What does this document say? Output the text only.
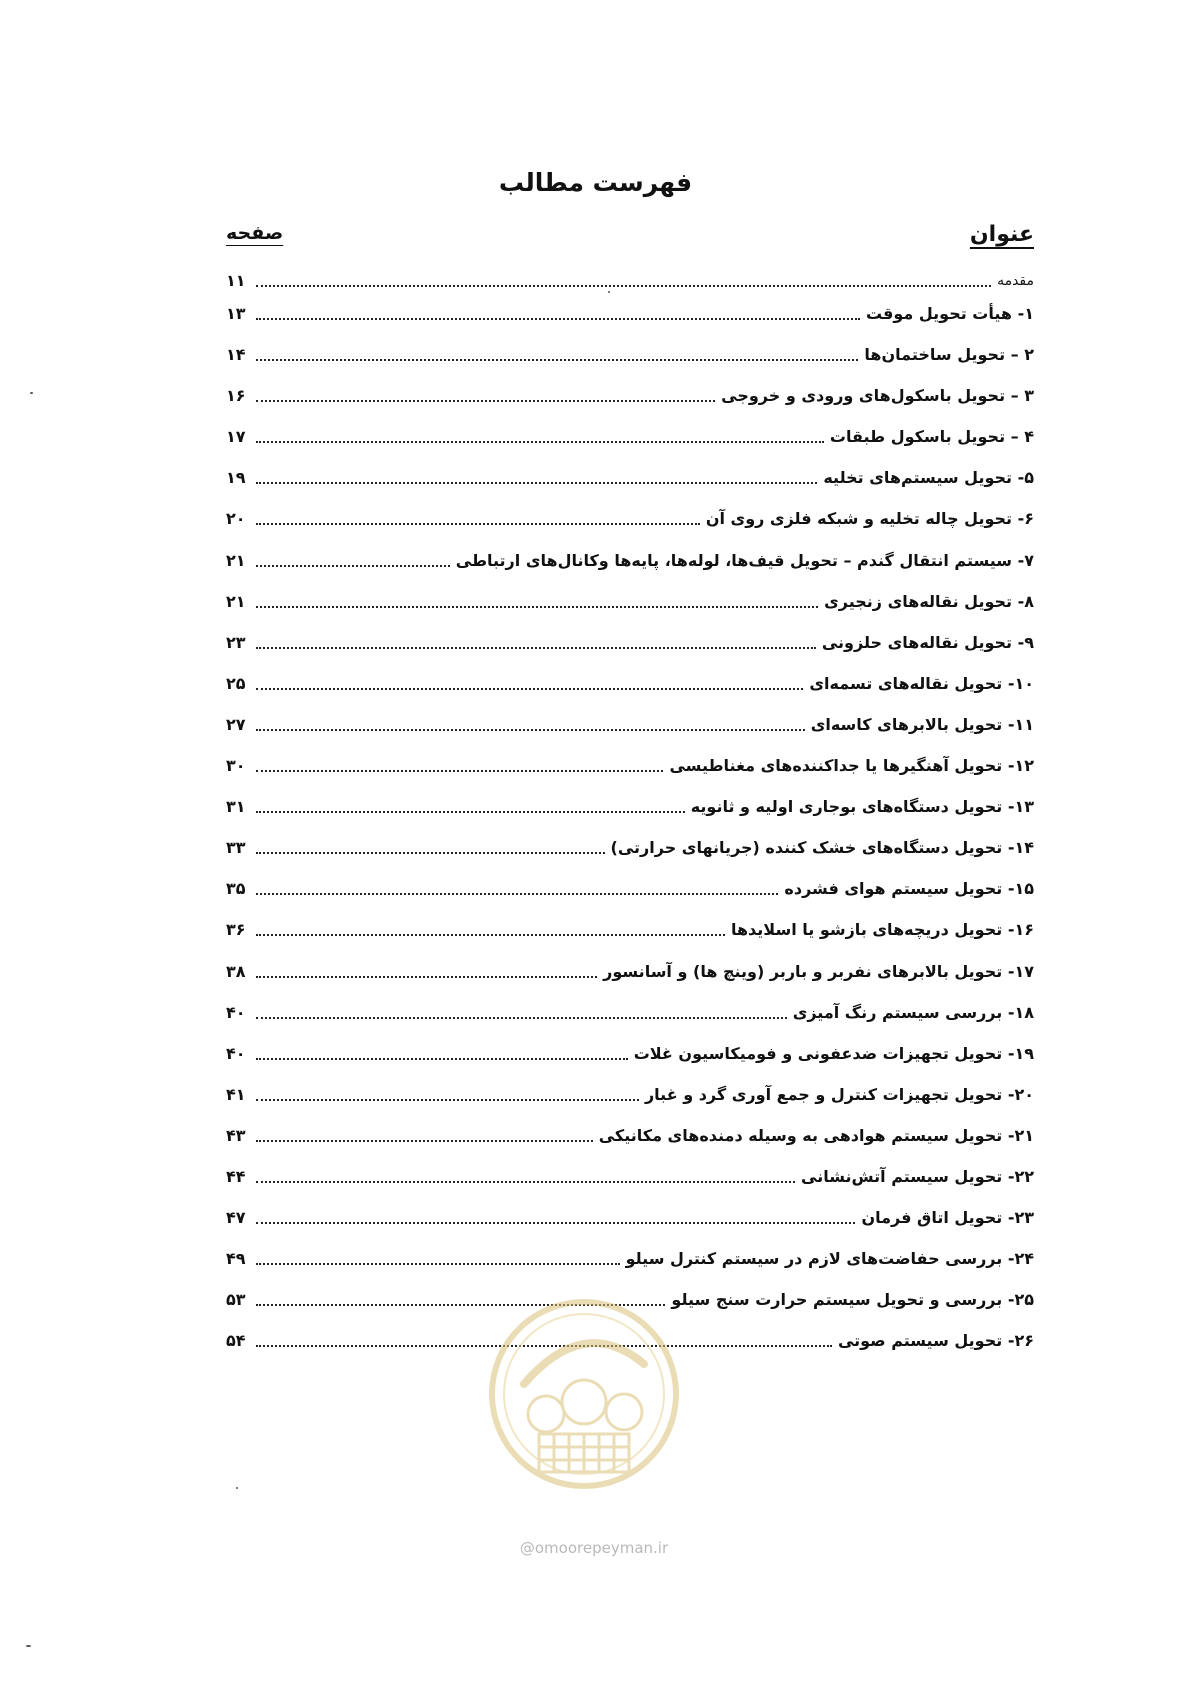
فهرست مطالب
عنوان
صفحه
مقدمه
۱۱
۱- هیأت تحویل موقت
۱۳
۲ – تحویل ساختمان‌ها
۱۴
۳ – تحویل باسکول‌های ورودی و خروجی
۱۶
۴ – تحویل باسکول طبقات
۱۷
۵- تحویل سیستم‌های تخلیه
۱۹
۶- تحویل چاله تخلیه و شبکه فلزی روی آن
۲۰
۷- سیستم انتقال گندم – تحویل قیف‌ها، لوله‌ها، پایه‌ها وکانال‌های ارتباطی
۲۱
۸- تحویل نقاله‌های زنجیری
۲۱
۹- تحویل نقاله‌های حلزونی
۲۳
۱۰- تحویل نقاله‌های تسمه‌ای
۲۵
۱۱- تحویل بالابرهای کاسه‌ای
۲۷
۱۲- تحویل آهنگیرها یا جداکننده‌های مغناطیسی
۳۰
۱۳- تحویل دستگاه‌های بوجاری اولیه و ثانویه
۳۱
۱۴- تحویل دستگاه‌های خشک کننده (جریانهای حرارتی)
۳۳
۱۵- تحویل سیستم هوای فشرده
۳۵
۱۶- تحویل دریچه‌های بازشو یا اسلایدها
۳۶
۱۷- تحویل بالابرهای نفربر و باربر (وینچ ها) و آسانسور
۳۸
۱۸- بررسی سیستم رنگ آمیزی
۴۰
۱۹- تحویل تجهیزات ضدعفونی و فومیکاسیون غلات
۴۰
۲۰- تحویل تجهیزات کنترل و جمع آوری گرد و غبار
۴۱
۲۱- تحویل سیستم هوادهی به وسیله دمنده‌های مکانیکی
۴۳
۲۲- تحویل سیستم آتش‌نشانی
۴۴
۲۳- تحویل اتاق فرمان
۴۷
۲۴- بررسی حفاضت‌های لازم در سیستم کنترل سیلو
۴۹
۲۵- بررسی و تحویل سیستم حرارت سنج سیلو
۵۳
۲۶- تحویل سیستم صوتی
۵۴
@omoorepeyman.ir
